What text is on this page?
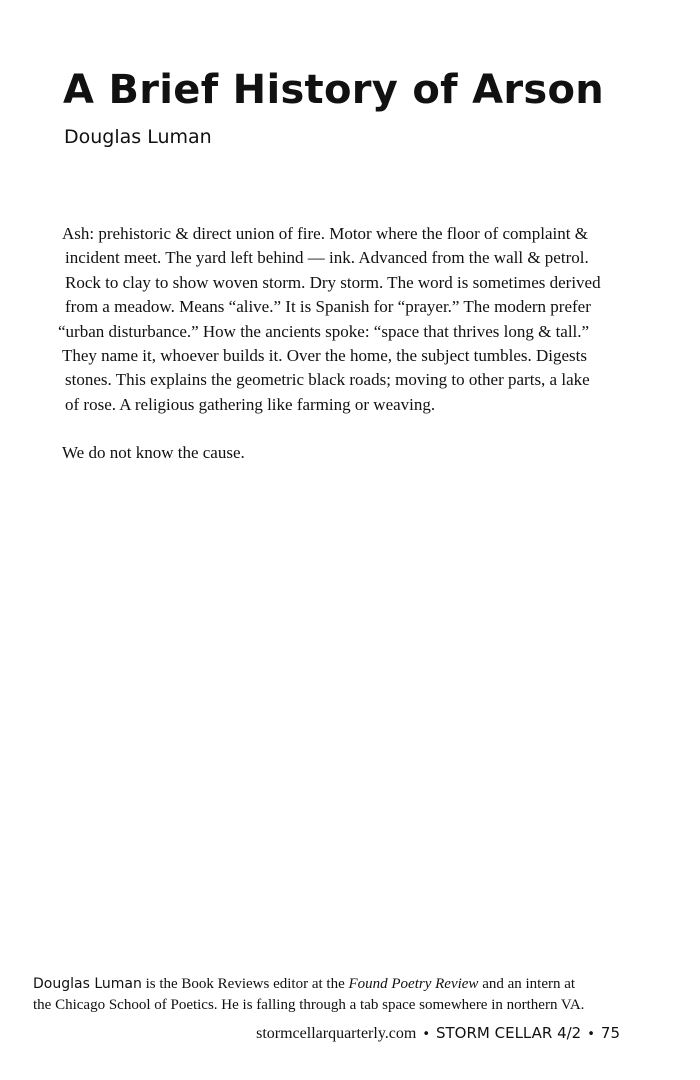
A Brief History of Arson
Douglas Luman
Ash: prehistoric & direct union of fire. Motor where the floor of complaint &
incident meet. The yard left behind — ink. Advanced from the wall & petrol.
Rock to clay to show woven storm. Dry storm. The word is sometimes derived
from a meadow. Means “alive.” It is Spanish for “prayer.” The modern prefer
“urban disturbance.” How the ancients spoke: “space that thrives long & tall.”
They name it, whoever builds it. Over the home, the subject tumbles. Digests
stones. This explains the geometric black roads; moving to other parts, a lake
of rose. A religious gathering like farming or weaving.
We do not know the cause.
Douglas Luman is the Book Reviews editor at the Found Poetry Review and an intern at
the Chicago School of Poetics. He is falling through a tab space somewhere in northern VA.
stormcellarquarterly.com • STORM CELLAR 4/2 • 75
